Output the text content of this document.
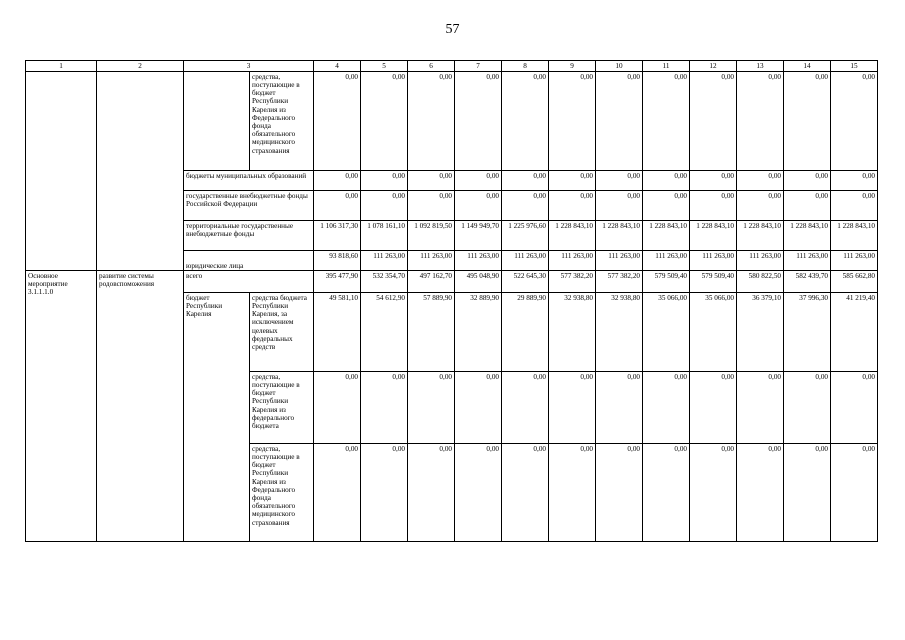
57
1	2	3		4	5	6	7	8	9	10	11	12	13	14	15
			средства, поступающие в бюджет Республики Карелия из Федерального фонда обязательного медицинского страхования	0,00	0,00	0,00	0,00	0,00	0,00	0,00	0,00	0,00	0,00	0,00	0,00
		бюджеты муниципальных образований		0,00	0,00	0,00	0,00	0,00	0,00	0,00	0,00	0,00	0,00	0,00	0,00
		государственные внебюджетные фонды Российской Федерации		0,00	0,00	0,00	0,00	0,00	0,00	0,00	0,00	0,00	0,00	0,00	0,00
		территориальные государственные внебюджетные фонды		1 106 317,30	1 078 161,10	1 092 819,50	1 149 949,70	1 225 976,60	1 228 843,10	1 228 843,10	1 228 843,10	1 228 843,10	1 228 843,10	1 228 843,10	1 228 843,10
		юридические лица		93 818,60	111 263,00	111 263,00	111 263,00	111 263,00	111 263,00	111 263,00	111 263,00	111 263,00	111 263,00	111 263,00	111 263,00
Основное мероприятие 3.1.1.1.0	развитие системы родовспоможения	всего		395 477,90	532 354,70	497 162,70	495 048,90	522 645,30	577 382,20	577 382,20	579 509,40	579 509,40	580 822,50	582 439,70	585 662,80
		бюджет Республики Карелия	средства бюджета Республики Карелия, за исключением целевых федеральных средств	49 581,10	54 612,90	57 889,90	32 889,90	29 889,90	32 938,80	32 938,80	35 066,00	35 066,00	36 379,10	37 996,30	41 219,40
			средства, поступающие в бюджет Республики Карелия из федерального бюджета	0,00	0,00	0,00	0,00	0,00	0,00	0,00	0,00	0,00	0,00	0,00	0,00
			средства, поступающие в бюджет Республики Карелия из Федерального фонда обязательного медицинского страхования	0,00	0,00	0,00	0,00	0,00	0,00	0,00	0,00	0,00	0,00	0,00	0,00
